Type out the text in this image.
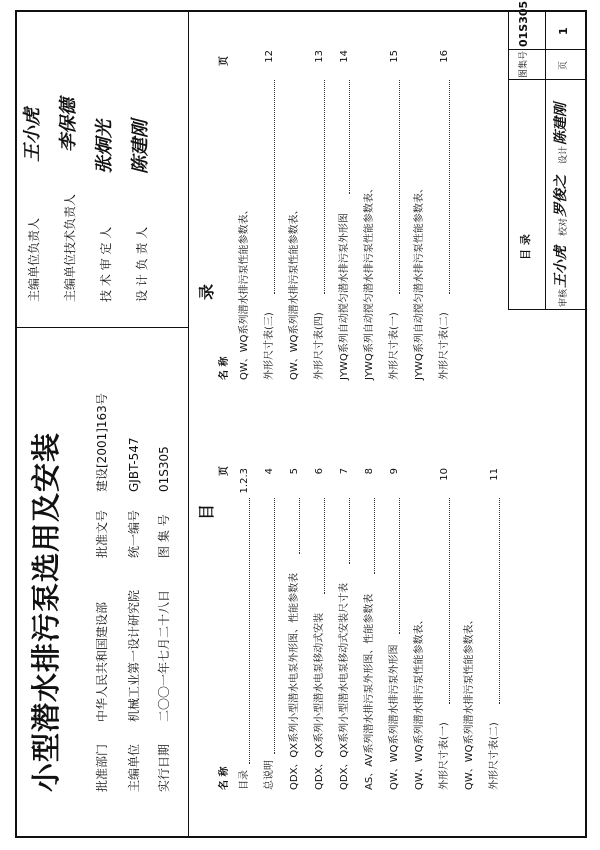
小型潜水排污泵选用及安装	批准部门
中华人民共和国建设部
批准文号
建设[2001]163号
主编单位
机械工业第一设计研究院
统一编号
GJBT-547
实行日期
二〇〇一年七月二十八日
图 集 号
01S305
主编单位负责人
王小虎
主编单位技术负责人
李保德
技 术 审 定 人
张炯光
设 计 负 责 人
陈建刚
目
录
名 称
页
名 称
页
目 录
图集号
01S305
审核
王小虎
校对
罗俊之
设计
陈建刚
页
1
目录
1.2.3
总说明
4
QDX、QX系列小型潜水电泵外形图、性能参数表
5
QDX、QX系列小型潜水电泵移动式安装
6
QDX、QX系列小型潜水电泵移动式安装尺寸表
7
AS、AV系列潜水排污泵外形图、性能参数表
8
QW、WQ系列潜水排污泵外形图
9
QW、WQ系列潜水排污泵性能参数表、 外形尺寸表(一)
10
QW、WQ系列潜水排污泵性能参数表、 外形尺寸表(二)
11
QW、WQ系列潜水排污泵性能参数表、 外形尺寸表(三)
12
QW、WQ系列潜水排污泵性能参数表、 外形尺寸表(四)
13
JYWQ系列自动搅匀潜水排污泵外形图
14
JYWQ系列自动搅匀潜水排污泵性能参数表、 外形尺寸表(一)
15
JYWQ系列自动搅匀潜水排污泵性能参数表、 外形尺寸表(二)
16
